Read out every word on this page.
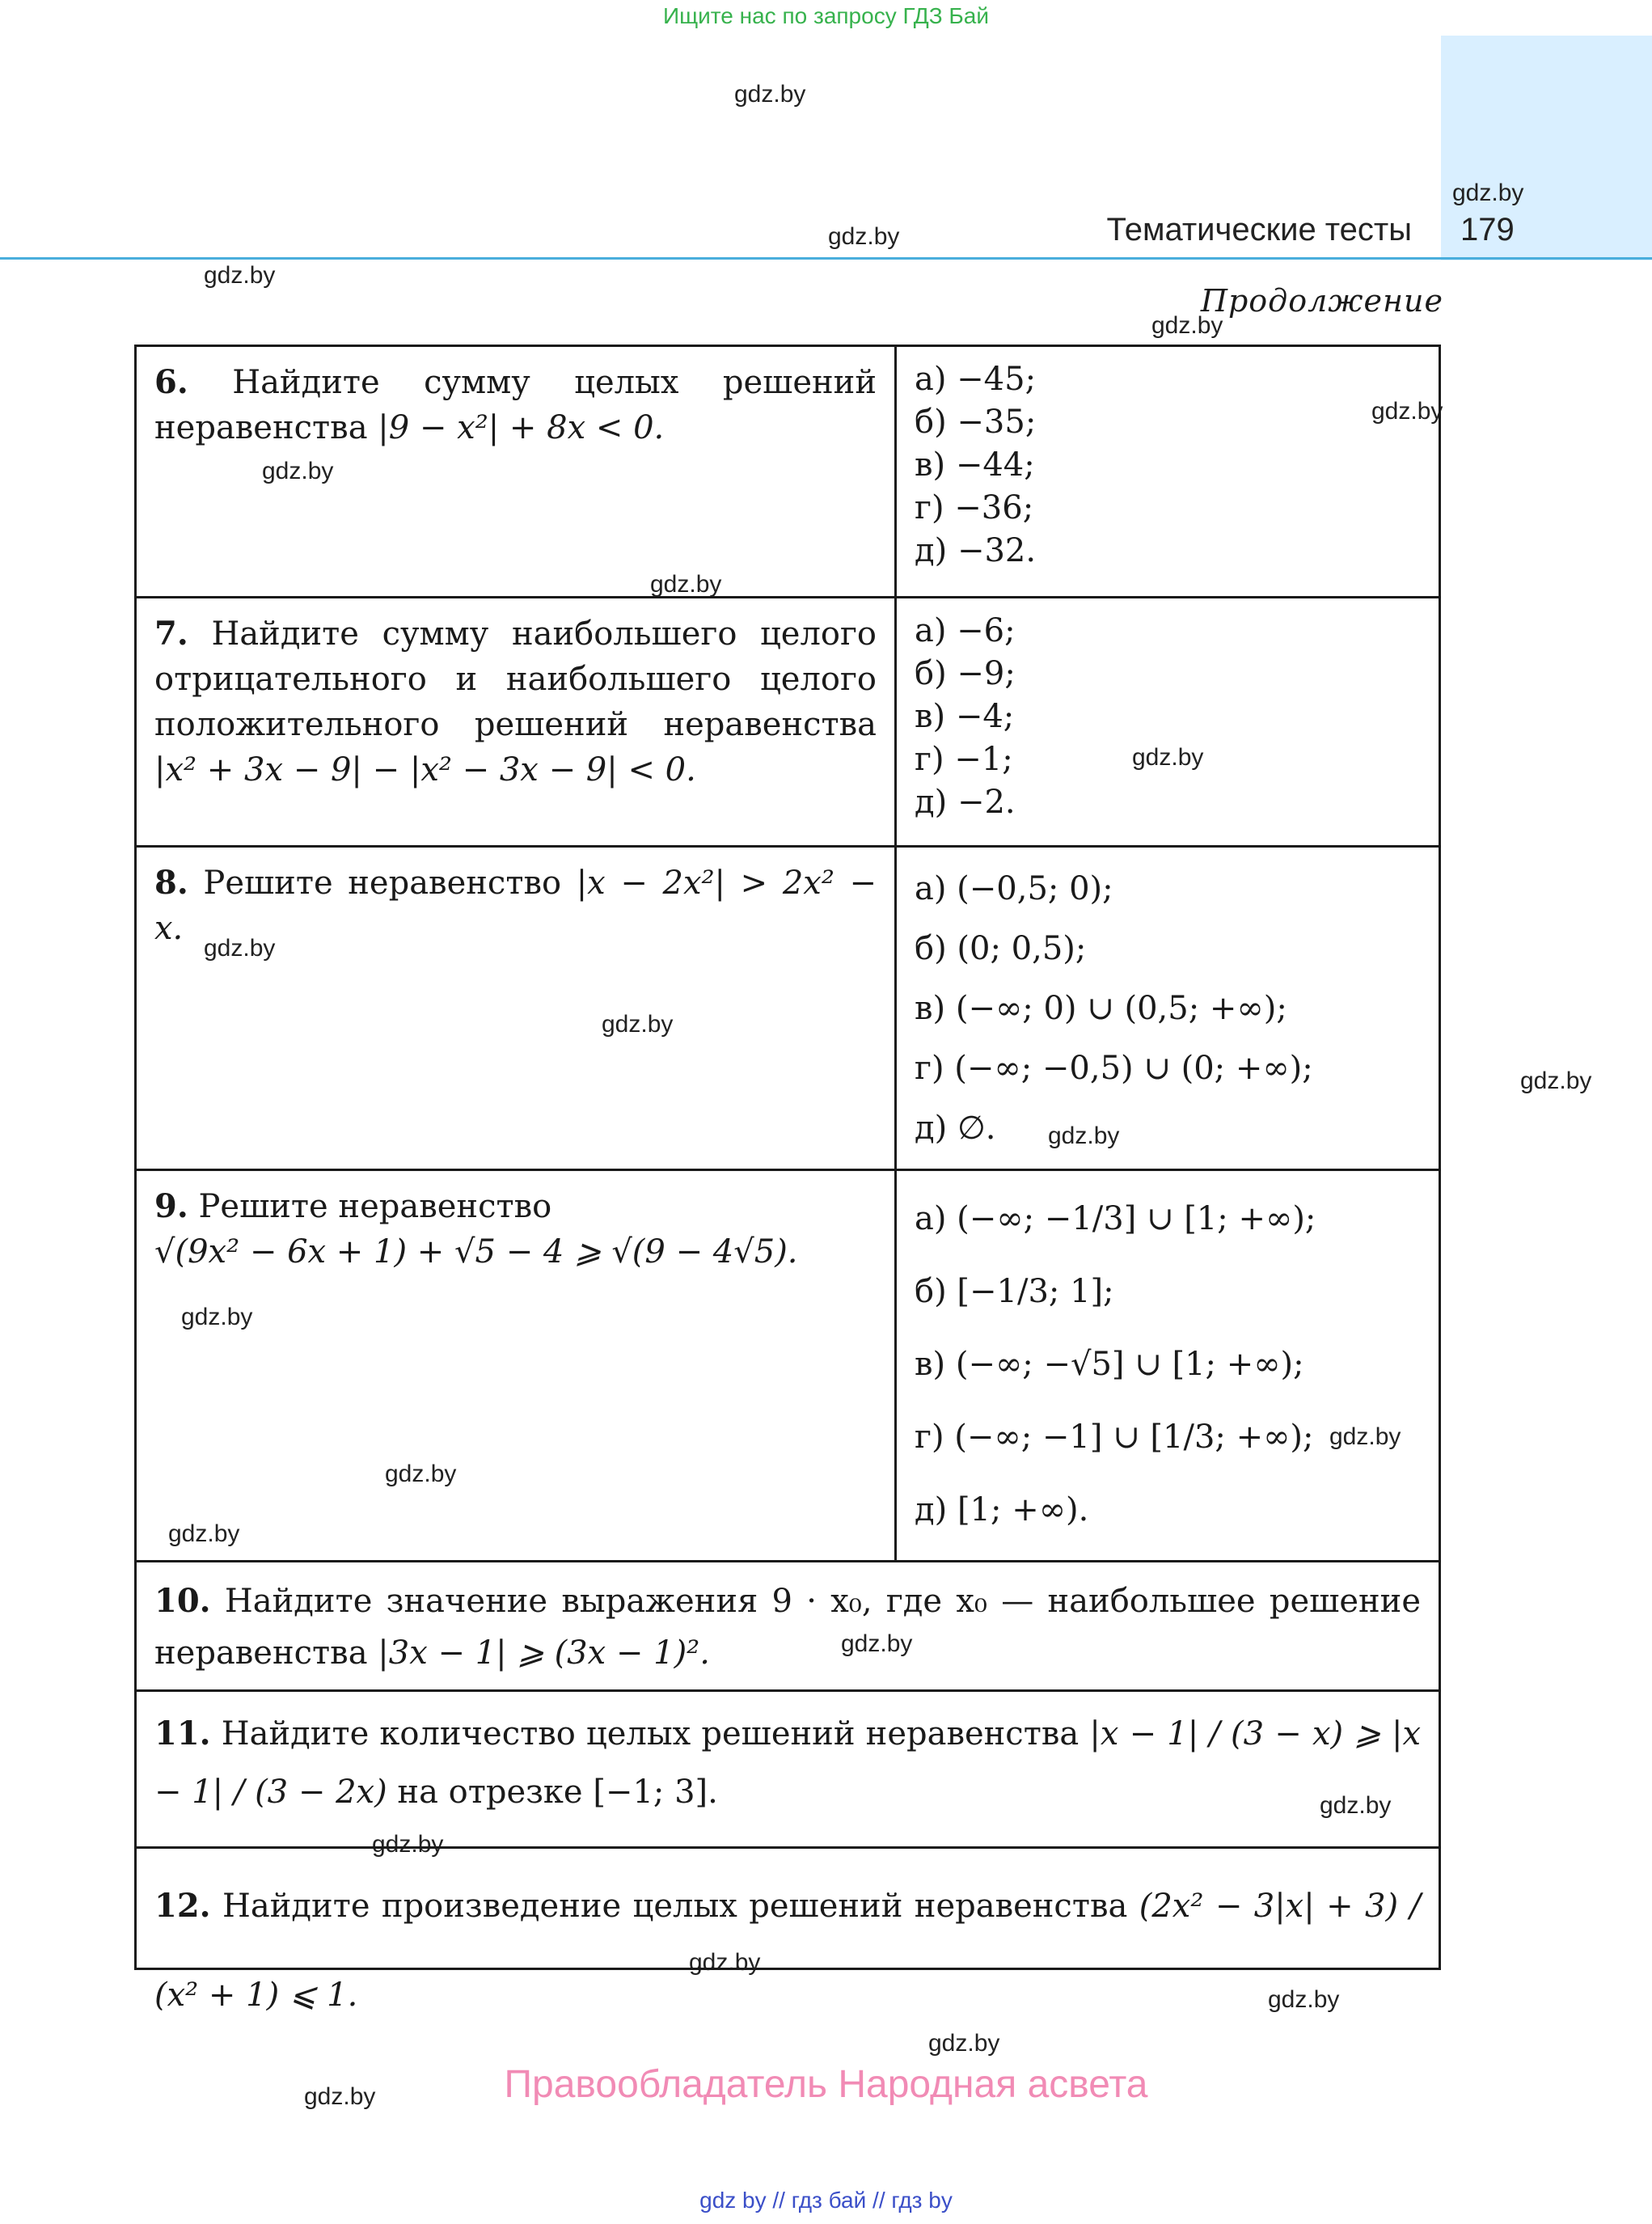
Ищите нас по запросу ГДЗ Бай
Тематические тесты 179
Продолжение
gdz.by
gdz.by
gdz.by
gdz.by
gdz.by
gdz.by
gdz.by
gdz.by
gdz.by
gdz.by
gdz.by
gdz.by
gdz.by
gdz.by
gdz.by
gdz.by
gdz.by
gdz.by
gdz.by
gdz.by
gdz.by
gdz.by
gdz.by
gdz.by
6. Найдите сумму целых решений неравенства |9 − x²| + 8x < 0.
а) −45;
б) −35;
в) −44;
г) −36;
д) −32.
7. Найдите сумму наибольшего целого отрицательного и наибольшего целого положительного решений неравенства |x² + 3x − 9| − |x² − 3x − 9| < 0.
а) −6;
б) −9;
в) −4;
г) −1;
д) −2.
8. Решите неравенство |x − 2x²| > 2x² − x.
а) (−0,5; 0);
б) (0; 0,5);
в) (−∞; 0) ∪ (0,5; +∞);
г) (−∞; −0,5) ∪ (0; +∞);
д) ∅.
9. Решите неравенство
√(9x² − 6x + 1) + √5 − 4 ⩾ √(9 − 4√5).
а) (−∞; −1/3] ∪ [1; +∞);
б) [−1/3; 1];
в) (−∞; −√5] ∪ [1; +∞);
г) (−∞; −1] ∪ [1/3; +∞);
д) [1; +∞).
10. Найдите значение выражения 9 · x₀, где x₀ — наибольшее решение неравенства |3x − 1| ⩾ (3x − 1)².
11. Найдите количество целых решений неравенства |x − 1| / (3 − x) ⩾ |x − 1| / (3 − 2x) на отрезке [−1; 3].
12. Найдите произведение целых решений неравенства (2x² − 3|x| + 3) / (x² + 1) ⩽ 1.
Правообладатель Народная асвета
gdz by // гдз бай // гдз by
